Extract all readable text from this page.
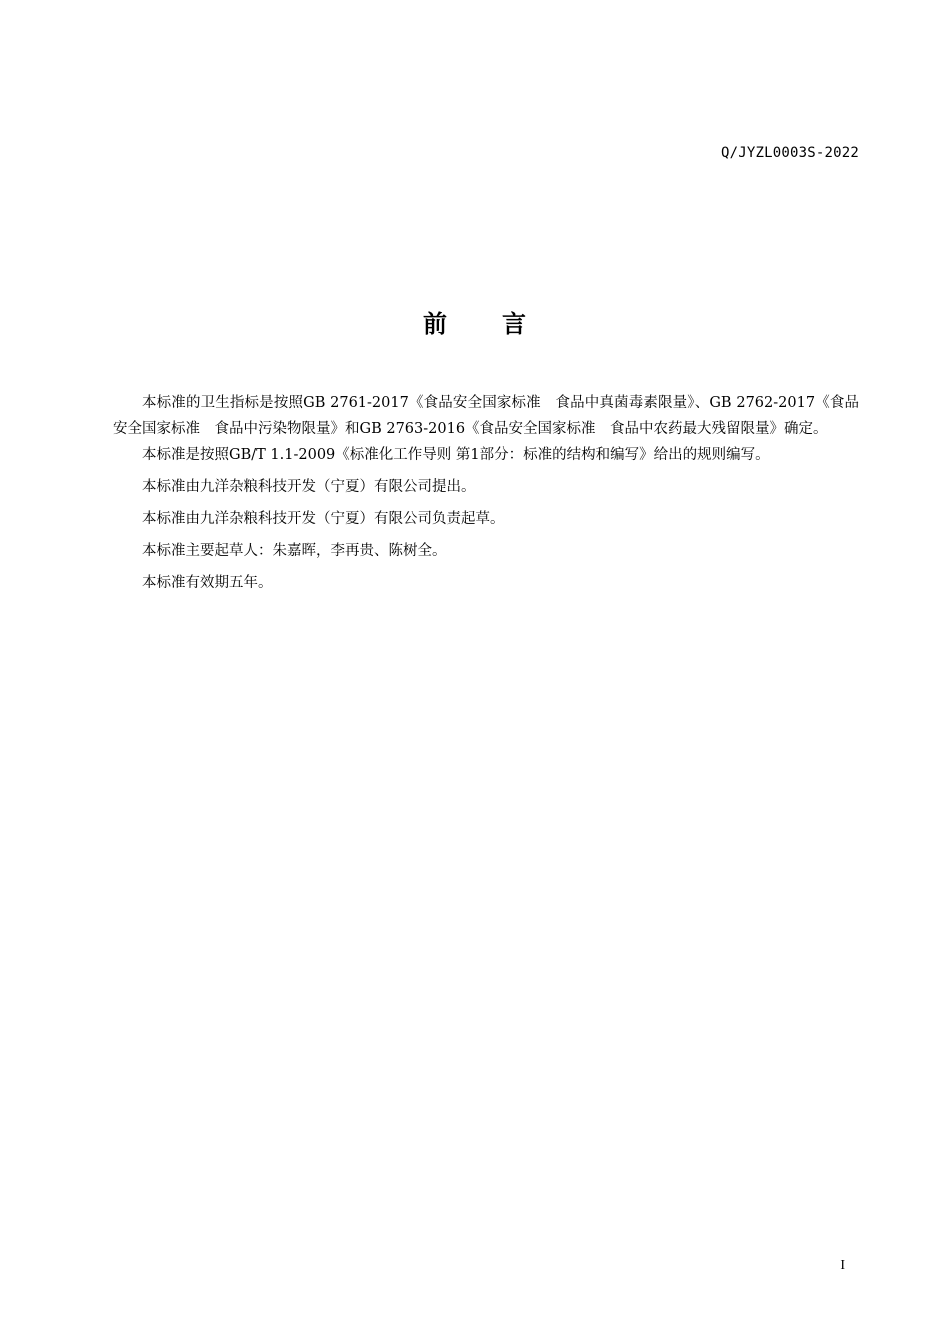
Q/JYZL0003S-2022
前 言

本标准的卫生指标是按照GB 2761-2017《食品安全国家标准　食品中真菌毒素限量》、GB 2762-2017《食品安全国家标准　食品中污染物限量》和GB 2763-2016《食品安全国家标准　食品中农药最大残留限量》确定。

本标准是按照GB/T 1.1-2009《标准化工作导则 第1部分：标准的结构和编写》给出的规则编写。

本标准由九洋杂粮科技开发（宁夏）有限公司提出。

本标准由九洋杂粮科技开发（宁夏）有限公司负责起草。

本标准主要起草人：朱嘉晖，李再贵、陈树全。

本标准有效期五年。

I
